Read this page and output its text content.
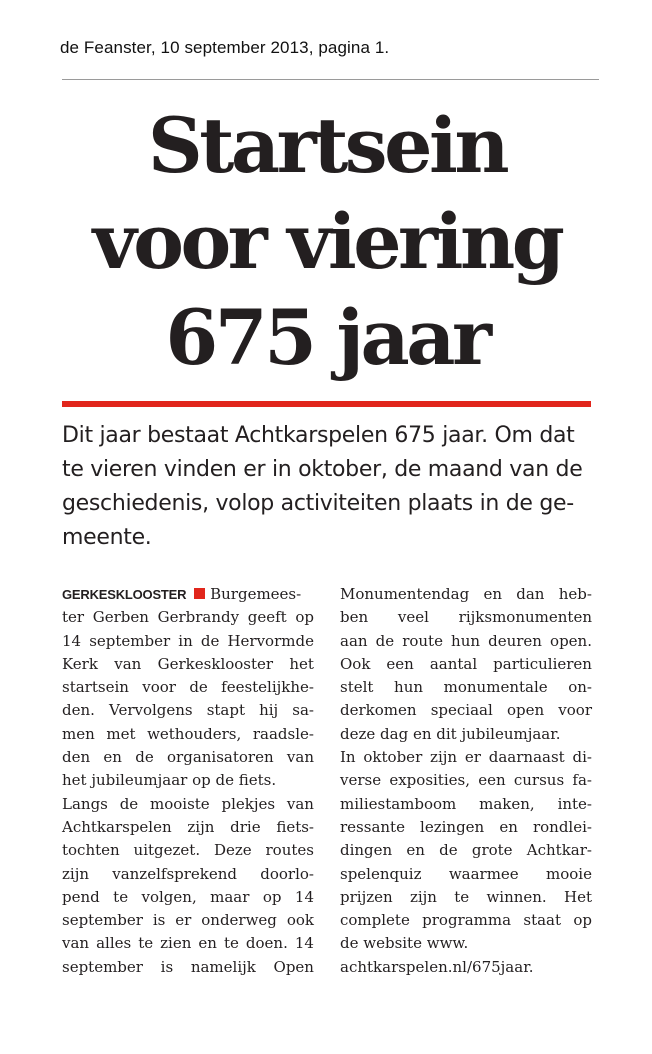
de Feanster, 10 september 2013, pagina 1.
Startsein
voor viering
675 jaar
Dit jaar bestaat Achtkarspelen 675 jaar. Om dat
te vieren vinden er in oktober, de maand van de
geschiedenis, volop activiteiten plaats in de ge-
meente.
GERKESKLOOSTER Burgemees-
ter Gerben Gerbrandy geeft op
14 september in de Hervormde
Kerk van Gerkesklooster het
startsein voor de feestelijkhe-
den. Vervolgens stapt hij sa-
men met wethouders, raadsle-
den en de organisatoren van
het jubileumjaar op de fiets.
Langs de mooiste plekjes van
Achtkarspelen zijn drie fiets-
tochten uitgezet. Deze routes
zijn vanzelfsprekend doorlo-
pend te volgen, maar op 14
september is er onderweg ook
van alles te zien en te doen. 14
september is namelijk Open
Monumentendag en dan heb-
ben veel rijksmonumenten
aan de route hun deuren open.
Ook een aantal particulieren
stelt hun monumentale on-
derkomen speciaal open voor
deze dag en dit jubileumjaar.
In oktober zijn er daarnaast di-
verse exposities, een cursus fa-
miliestamboom maken, inte-
ressante lezingen en rondlei-
dingen en de grote Achtkar-
spelenquiz waarmee mooie
prijzen zijn te winnen. Het
complete programma staat op
de website www.
achtkarspelen.nl/675jaar.
